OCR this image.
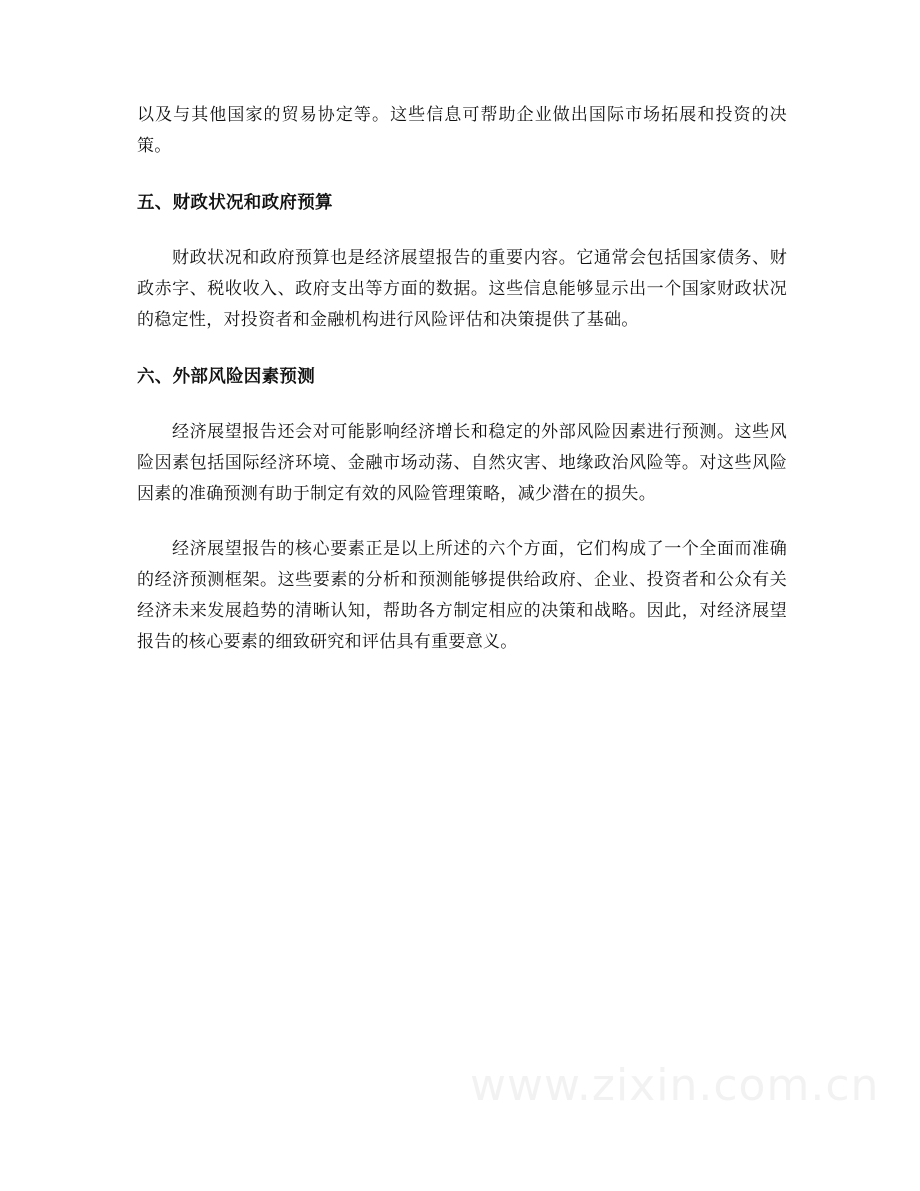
以及与其他国家的贸易协定等。这些信息可帮助企业做出国际市场拓展和投资的决策。

五、财政状况和政府预算

财政状况和政府预算也是经济展望报告的重要内容。它通常会包括国家债务、财政赤字、税收收入、政府支出等方面的数据。这些信息能够显示出一个国家财政状况的稳定性，对投资者和金融机构进行风险评估和决策提供了基础。

六、外部风险因素预测

经济展望报告还会对可能影响经济增长和稳定的外部风险因素进行预测。这些风险因素包括国际经济环境、金融市场动荡、自然灾害、地缘政治风险等。对这些风险因素的准确预测有助于制定有效的风险管理策略，减少潜在的损失。

经济展望报告的核心要素正是以上所述的六个方面，它们构成了一个全面而准确的经济预测框架。这些要素的分析和预测能够提供给政府、企业、投资者和公众有关经济未来发展趋势的清晰认知，帮助各方制定相应的决策和战略。因此，对经济展望报告的核心要素的细致研究和评估具有重要意义。

www.zixin.com.cn
